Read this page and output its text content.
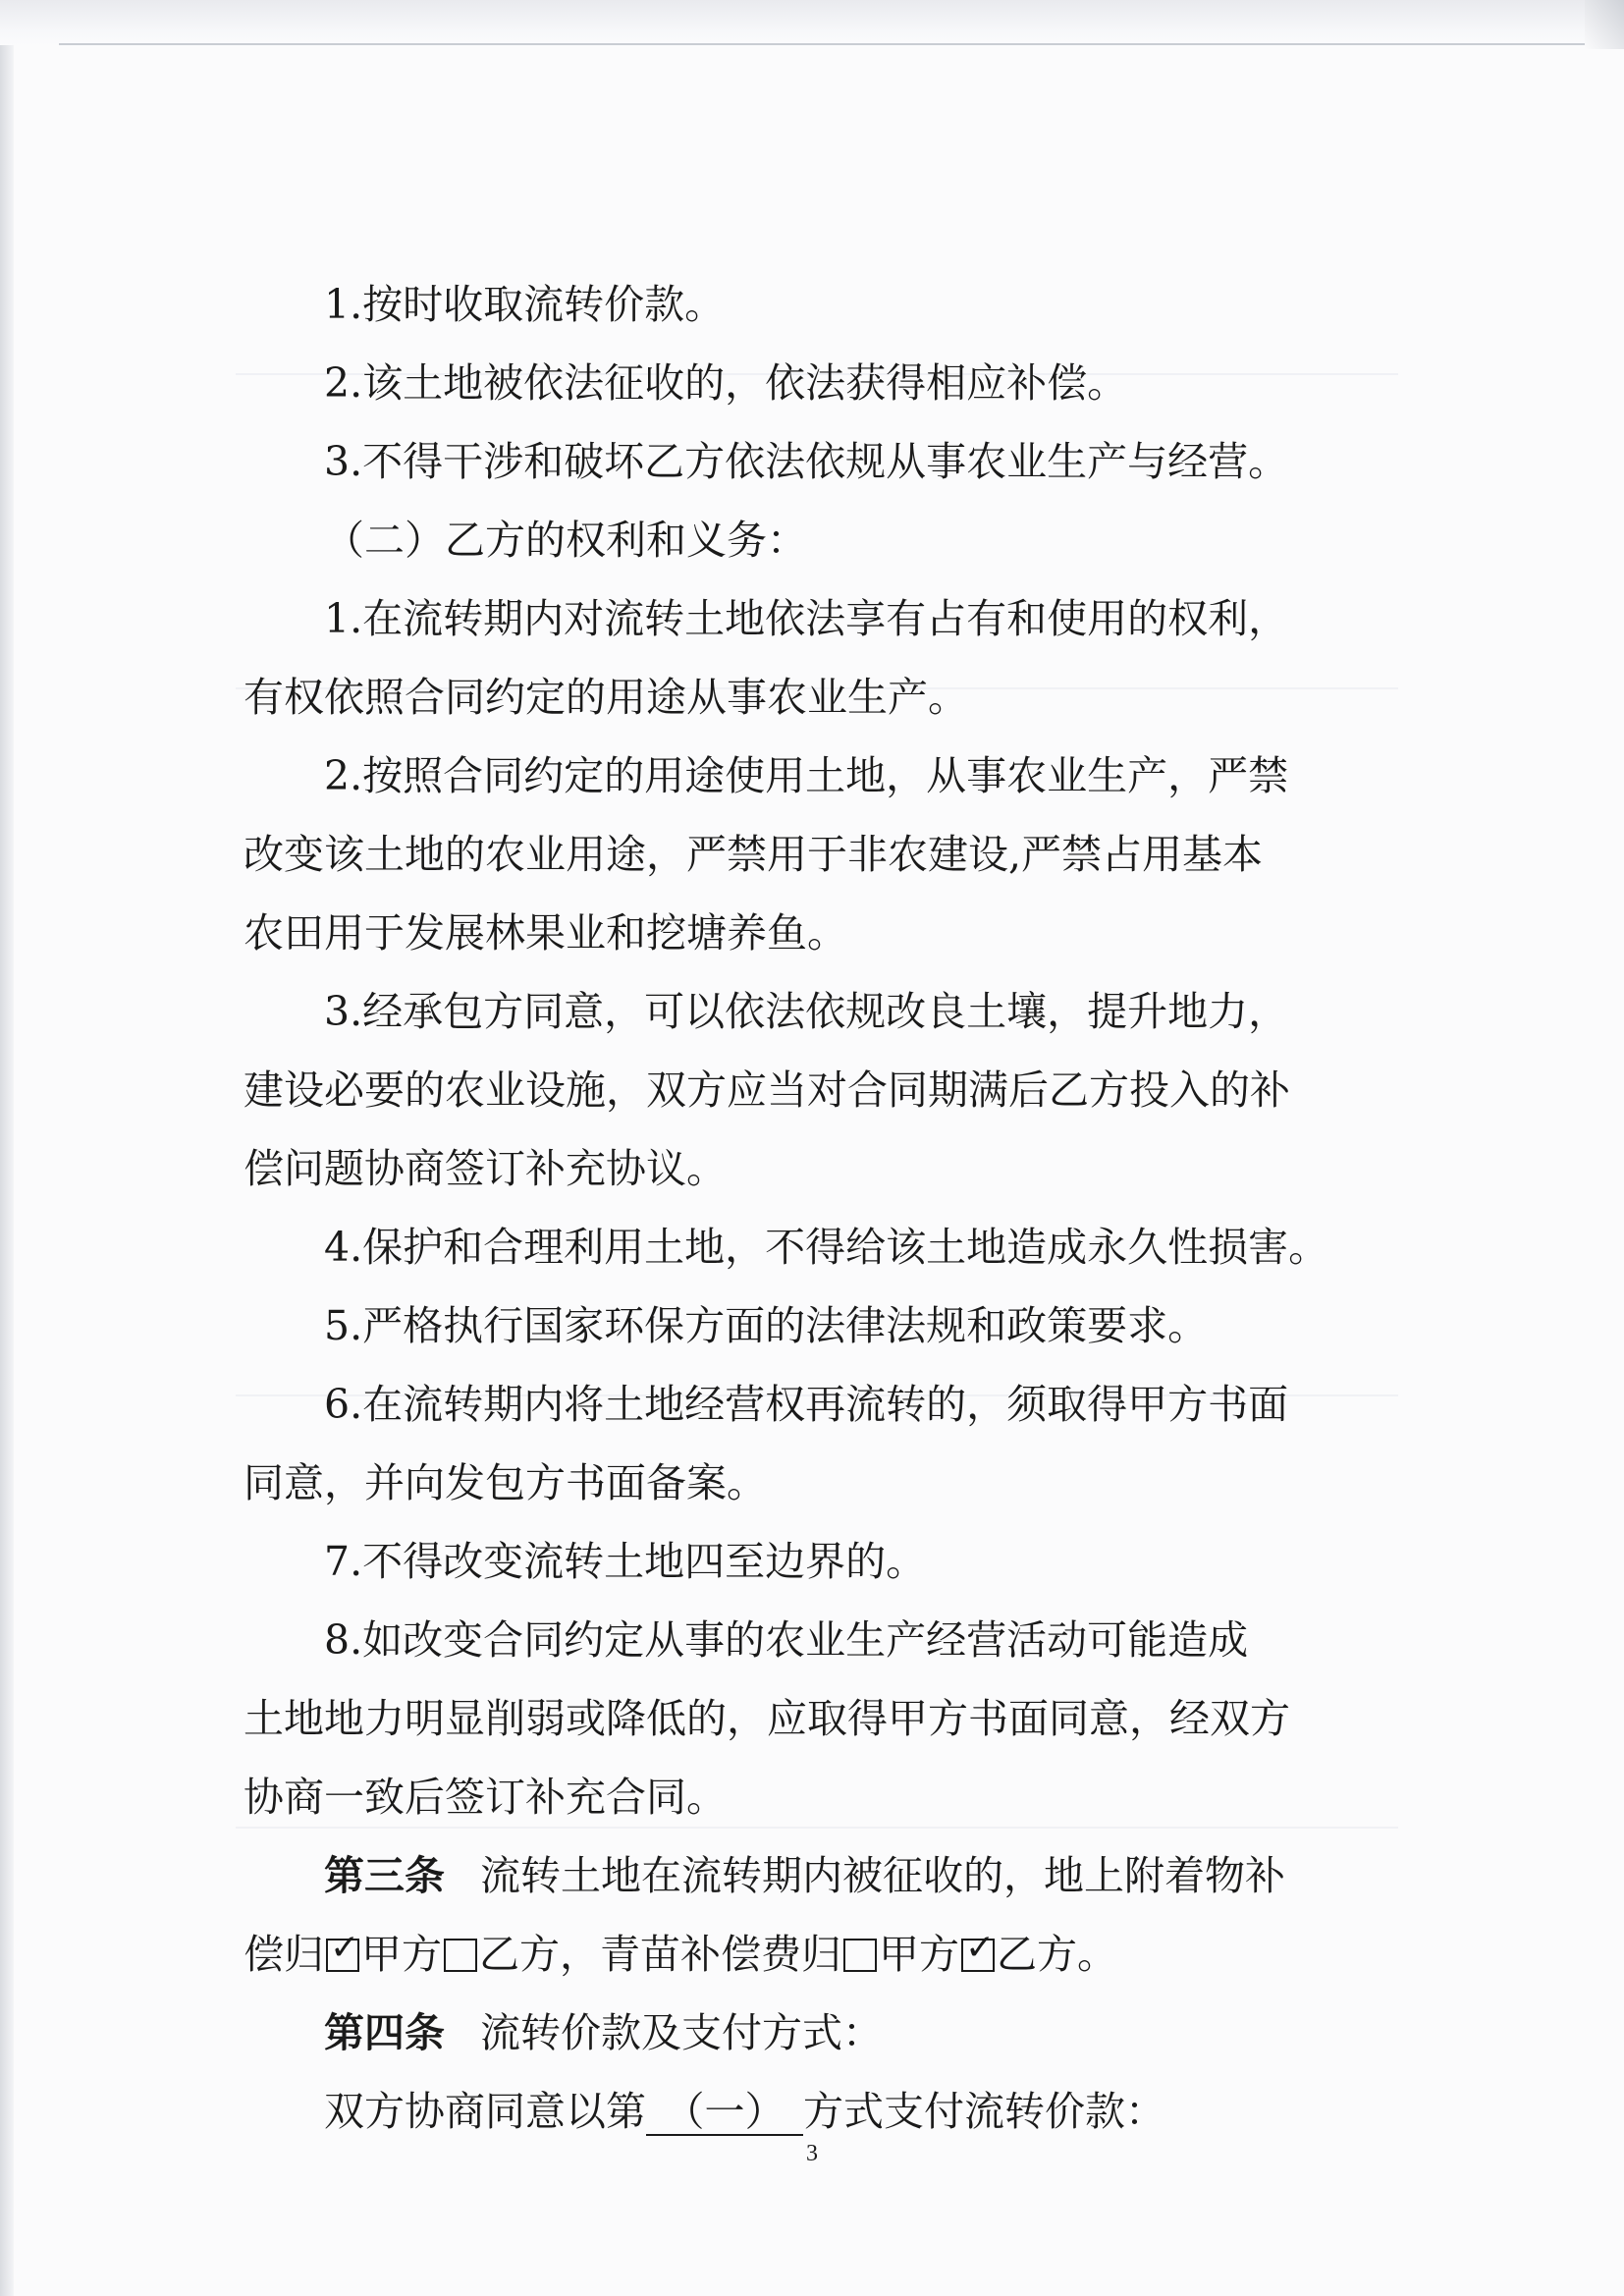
1.按时收取流转价款。

2.该土地被依法征收的，依法获得相应补偿。

3.不得干涉和破坏乙方依法依规从事农业生产与经营。

（二）乙方的权利和义务：

1.在流转期内对流转土地依法享有占有和使用的权利，

有权依照合同约定的用途从事农业生产。

2.按照合同约定的用途使用土地，从事农业生产，严禁

改变该土地的农业用途，严禁用于非农建设,严禁占用基本

农田用于发展林果业和挖塘养鱼。

3.经承包方同意，可以依法依规改良土壤，提升地力，

建设必要的农业设施，双方应当对合同期满后乙方投入的补

偿问题协商签订补充协议。

4.保护和合理利用土地，不得给该土地造成永久性损害。

5.严格执行国家环保方面的法律法规和政策要求。

6.在流转期内将土地经营权再流转的，须取得甲方书面

同意，并向发包方书面备案。

7.不得改变流转土地四至边界的。

8.如改变合同约定从事的农业生产经营活动可能造成

土地地力明显削弱或降低的，应取得甲方书面同意，经双方

协商一致后签订补充合同。

第三条 流转土地在流转期内被征收的，地上附着物补

偿归 ✓ 甲方 乙方，青苗补偿费归 甲方 ✓ 乙方。

第四条 流转价款及支付方式：

双方协商同意以第 （一） 方式支付流转价款：

3
